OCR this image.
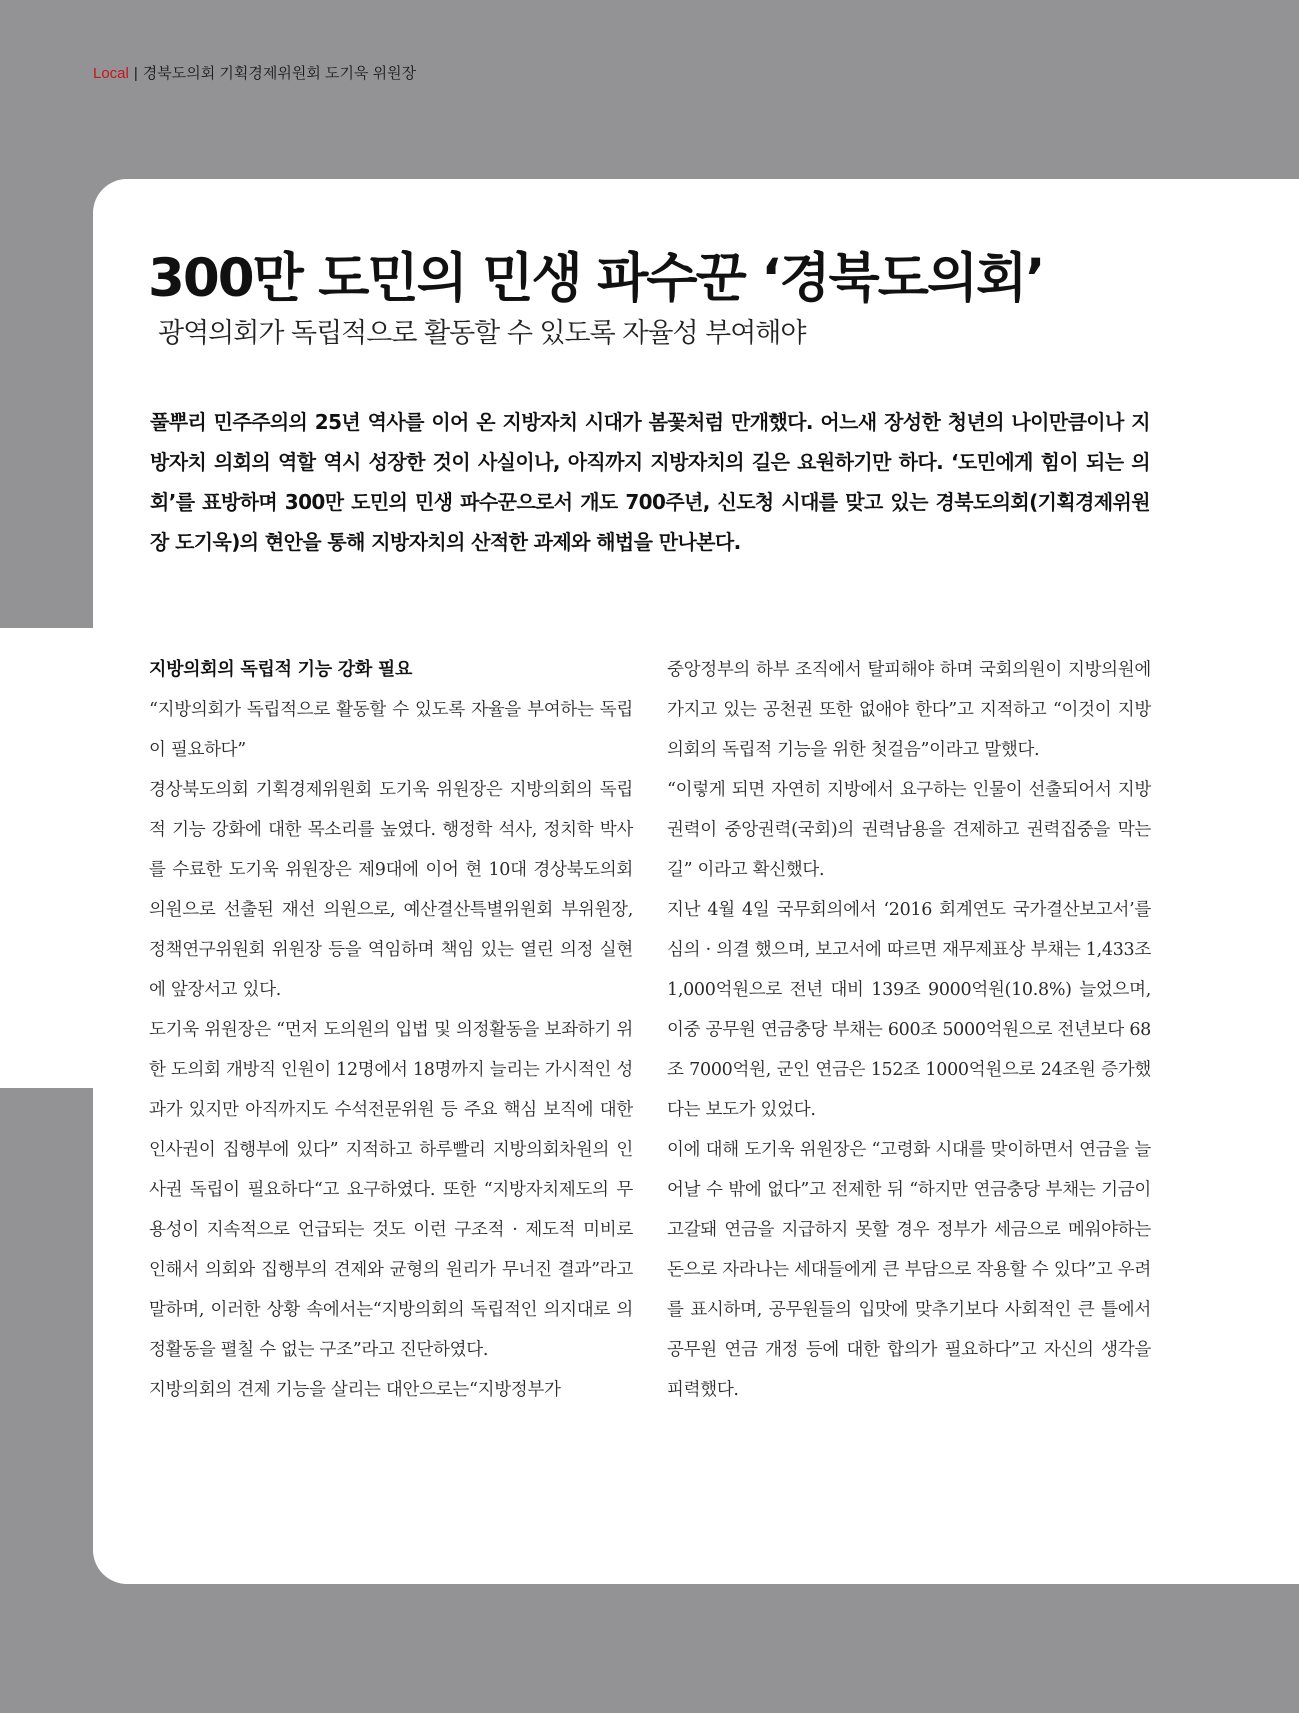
Local | 경북도의회 기획경제위원회 도기욱 위원장
300만 도민의 민생 파수꾼 ‘경북도의회’
광역의회가 독립적으로 활동할 수 있도록 자율성 부여해야

풀뿌리 민주주의의 25년 역사를 이어 온 지방자치 시대가 봄꽃처럼 만개했다. 어느새 장성한 청년의 나이만큼이나 지방자치 의회의 역할 역시 성장한 것이 사실이나, 아직까지 지방자치의 길은 요원하기만 하다. ‘도민에게 힘이 되는 의회’를 표방하며 300만 도민의 민생 파수꾼으로서 개도 700주년, 신도청 시대를 맞고 있는 경북도의회(기획경제위원장 도기욱)의 현안을 통해 지방자치의 산적한 과제와 해법을 만나본다.

지방의회의 독립적 기능 강화 필요

“지방의회가 독립적으로 활동할 수 있도록 자율을 부여하는 독립이 필요하다”

경상북도의회 기획경제위원회 도기욱 위원장은 지방의회의 독립적 기능 강화에 대한 목소리를 높였다. 행정학 석사, 정치학 박사를 수료한 도기욱 위원장은 제9대에 이어 현 10대 경상북도의회 의원으로 선출된 재선 의원으로, 예산결산특별위원회 부위원장, 정책연구위원회 위원장 등을 역임하며 책임 있는 열린 의정 실현에 앞장서고 있다.

도기욱 위원장은 “먼저 도의원의 입법 및 의정활동을 보좌하기 위한 도의회 개방직 인원이 12명에서 18명까지 늘리는 가시적인 성과가 있지만 아직까지도 수석전문위원 등 주요 핵심 보직에 대한 인사권이 집행부에 있다” 지적하고 하루빨리 지방의회차원의 인사권 독립이 필요하다“고 요구하였다. 또한 “지방자치제도의 무용성이 지속적으로 언급되는 것도 이런 구조적 · 제도적 미비로 인해서 의회와 집행부의 견제와 균형의 원리가 무너진 결과”라고 말하며, 이러한 상황 속에서는“지방의회의 독립적인 의지대로 의정활동을 펼칠 수 없는 구조”라고 진단하였다.

지방의회의 견제 기능을 살리는 대안으로는“지방정부가

중앙정부의 하부 조직에서 탈피해야 하며 국회의원이 지방의원에 가지고 있는 공천권 또한 없애야 한다”고 지적하고 “이것이 지방의회의 독립적 기능을 위한 첫걸음”이라고 말했다.

“이렇게 되면 자연히 지방에서 요구하는 인물이 선출되어서 지방권력이 중앙권력(국회)의 권력남용을 견제하고 권력집중을 막는 길” 이라고 확신했다.

지난 4월 4일 국무회의에서 ‘2016 회계연도 국가결산보고서’를 심의 · 의결 했으며, 보고서에 따르면 재무제표상 부채는 1,433조 1,000억원으로 전년 대비 139조 9000억원(10.8%) 늘었으며, 이중 공무원 연금충당 부채는 600조 5000억원으로 전년보다 68조 7000억원, 군인 연금은 152조 1000억원으로 24조원 증가했다는 보도가 있었다.

이에 대해 도기욱 위원장은 “고령화 시대를 맞이하면서 연금을 늘어날 수 밖에 없다”고 전제한 뒤 “하지만 연금충당 부채는 기금이 고갈돼 연금을 지급하지 못할 경우 정부가 세금으로 메워야하는 돈으로 자라나는 세대들에게 큰 부담으로 작용할 수 있다”고 우려를 표시하며, 공무원들의 입맛에 맞추기보다 사회적인 큰 틀에서 공무원 연금 개정 등에 대한 합의가 필요하다”고 자신의 생각을 피력했다.
